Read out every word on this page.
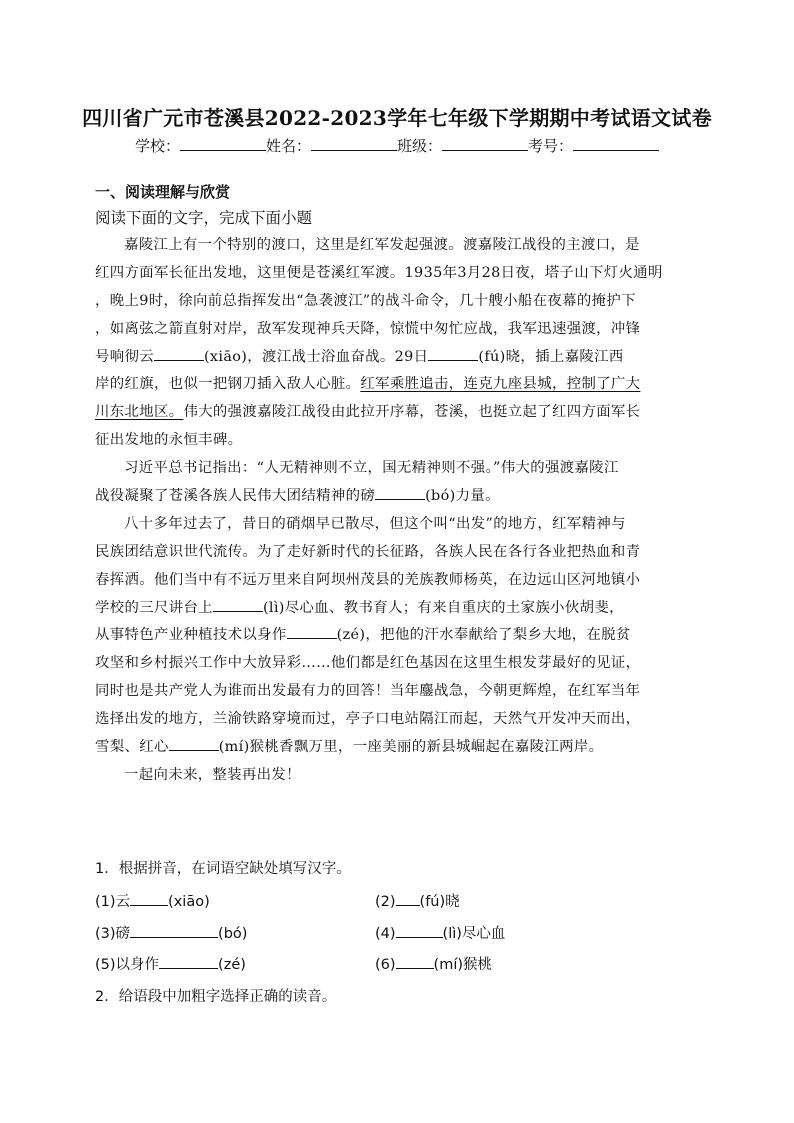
四川省广元市苍溪县2022-2023学年七年级下学期期中考试语文试卷
学校：	姓名：	班级：	考号：
一、阅读理解与欣赏
阅读下面的文字，完成下面小题
嘉陵江上有一个特别的渡口，这里是红军发起强渡。渡嘉陵江战役的主渡口，是
红四方面军长征出发地，这里便是苍溪红军渡。1935年3月28日夜，塔子山下灯火通明
，晚上9时，徐向前总指挥发出“急袭渡江”的战斗命令，几十艘小船在夜幕的掩护下
，如离弦之箭直射对岸，敌军发现神兵天降，惊慌中匆忙应战，我军迅速强渡，冲锋
号响彻云	(xiāo)，渡江战士浴血奋战。29日	(fú)晓，插上嘉陵江西
岸的红旗，也似一把钢刀插入敌人心脏。红军乘胜追击，连克九座县城，控制了广大
川东北地区。伟大的强渡嘉陵江战役由此拉开序幕，苍溪，也挺立起了红四方面军长
征出发地的永恒丰碑。
习近平总书记指出：“人无精神则不立，国无精神则不强。”伟大的强渡嘉陵江
战役凝聚了苍溪各族人民伟大团结精神的磅	(bó)力量。
八十多年过去了，昔日的硝烟早已散尽，但这个叫“出发”的地方，红军精神与
民族团结意识世代流传。为了走好新时代的长征路，各族人民在各行各业把热血和青
春挥洒。他们当中有不远万里来自阿坝州茂县的羌族教师杨英，在边远山区河地镇小
学校的三尺讲台上	(lì)尽心血、教书育人；有来自重庆的土家族小伙胡斐，
从事特色产业种植技术以身作	(zé)，把他的汗水奉献给了梨乡大地，在脱贫
攻坚和乡村振兴工作中大放异彩……他们都是红色基因在这里生根发芽最好的见证，
同时也是共产党人为谁而出发最有力的回答！当年鏖战急，今朝更辉煌，在红军当年
选择出发的地方，兰渝铁路穿境而过，亭子口电站隔江而起，天然气开发冲天而出，
雪梨、红心	(mí)猴桃香飘万里，一座美丽的新县城崛起在嘉陵江两岸。
一起向未来，整装再出发！
1．根据拼音，在词语空缺处填写汉字。
(1)云	(xiāo)	(2) (fú)晓
(3)磅	(bó)	(4)	(lì)尽心血
(5)以身作	(zé)	(6)	(mí)猴桃
2．给语段中加粗字选择正确的读音。
